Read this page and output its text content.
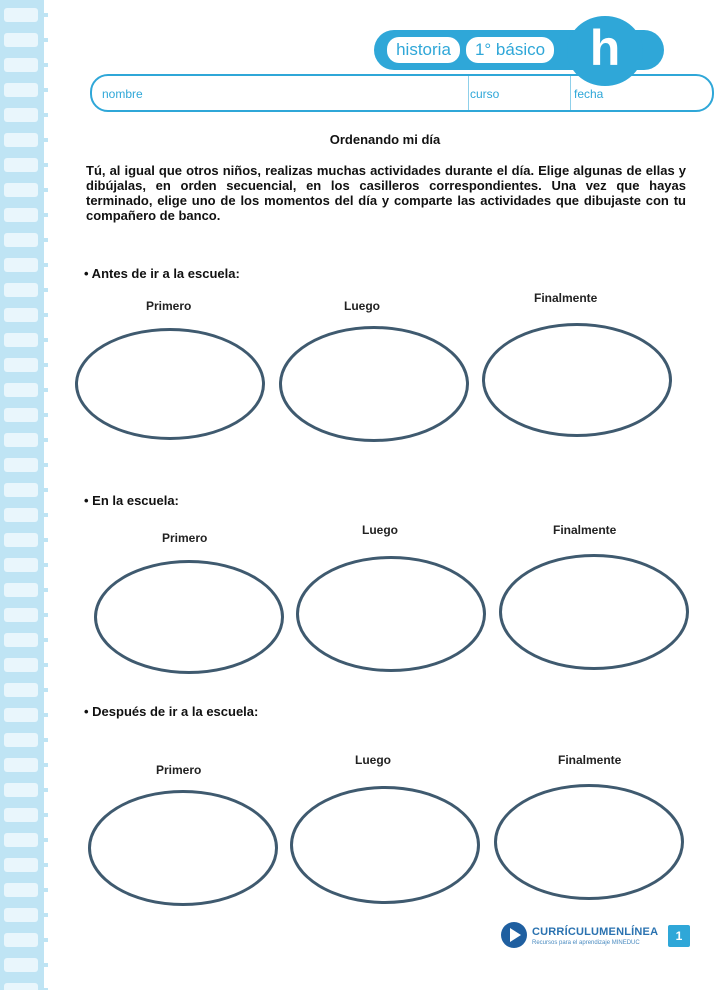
historia	1° básico h
nombre	curso	fecha
Ordenando mi día
Tú, al igual que otros niños, realizas muchas actividades durante el día. Elige algunas de ellas y dibújalas, en orden secuencial, en los casilleros correspondientes. Una vez que hayas terminado, elige uno de los momentos del día y comparte las actividades que dibujaste con tu compañero de banco.
• Antes de ir a la escuela:
Primero	Luego
Finalmente
• En la escuela:
Primero
Luego	Finalmente
• Después de ir a la escuela:
Primero
Luego	Finalmente
CURRÍCULUMENLÍNEA
Recursos para el aprendizaje MINEDUC	1
